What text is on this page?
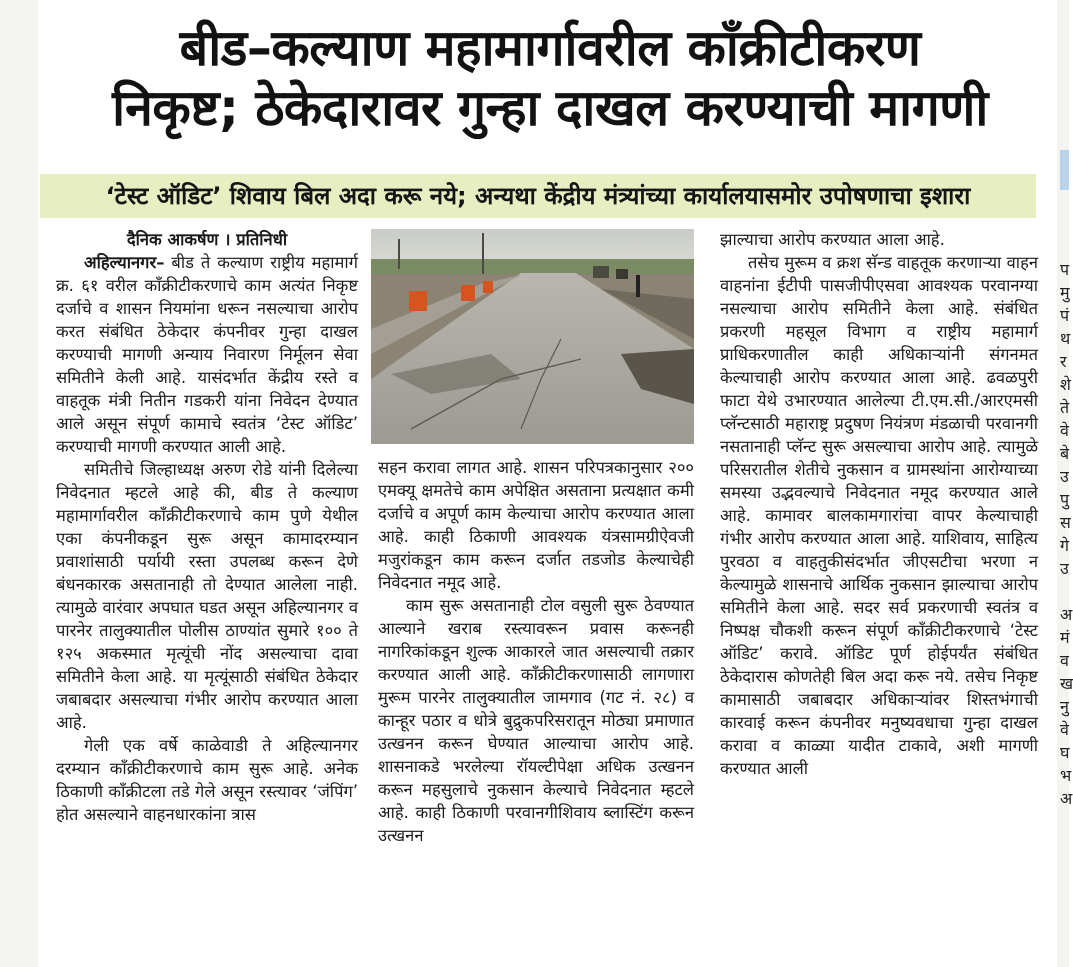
प
मु
पं
थ
र
शे
ते
वे
बे
उ
पु
स
गे
उ

अ
मं
व
ख
नु
वे
घ
भ
अ
बीड–कल्याण महामार्गावरील कॉंक्रीटीकरण
निकृष्ट; ठेकेदारावर गुन्हा दाखल करण्याची मागणी
‘टेस्ट ऑडिट’ शिवाय बिल अदा करू नये; अन्यथा केंद्रीय मंत्र्यांच्या कार्यालयासमोर उपोषणाचा इशारा

दैनिक आकर्षण । प्रतिनिधी

अहिल्यानगर– बीड ते कल्याण राष्ट्रीय महामार्ग क्र. ६१ वरील कॉंक्रीटीकरणाचे काम अत्यंत निकृष्ट दर्जाचे व शासन नियमांना धरून नसल्याचा आरोप करत संबंधित ठेकेदार कंपनीवर गुन्हा दाखल करण्याची मागणी अन्याय निवारण निर्मूलन सेवा समितीने केली आहे. यासंदर्भात केंद्रीय रस्ते व वाहतूक मंत्री नितीन गडकरी यांना निवेदन देण्यात आले असून संपूर्ण कामाचे स्वतंत्र ‘टेस्ट ऑडिट’ करण्याची मागणी करण्यात आली आहे.

समितीचे जिल्हाध्यक्ष अरुण रोडे यांनी दिलेल्या निवेदनात म्हटले आहे की, बीड ते कल्याण महामार्गावरील कॉंक्रीटीकरणाचे काम पुणे येथील एका कंपनीकडून सुरू असून कामादरम्यान प्रवाशांसाठी पर्यायी रस्ता उपलब्ध करून देणे बंधनकारक असतानाही तो देण्यात आलेला नाही. त्यामुळे वारंवार अपघात घडत असून अहिल्यानगर व पारनेर तालुक्यातील पोलीस ठाण्यांत सुमारे १०० ते १२५ अकस्मात मृत्यूंची नोंद असल्याचा दावा समितीने केला आहे. या मृत्यूंसाठी संबंधित ठेकेदार जबाबदार असल्याचा गंभीर आरोप करण्यात आला आहे.

गेली एक वर्षे काळेवाडी ते अहिल्यानगर दरम्यान कॉंक्रीटीकरणाचे काम सुरू आहे. अनेक ठिकाणी कॉंक्रीटला तडे गेले असून रस्त्यावर ‘जंपिंग’ होत असल्याने वाहनधारकांना त्रास

सहन करावा लागत आहे. शासन परिपत्रकानुसार २०० एमक्यू क्षमतेचे काम अपेक्षित असताना प्रत्यक्षात कमी दर्जाचे व अपूर्ण काम केल्याचा आरोप करण्यात आला आहे. काही ठिकाणी आवश्यक यंत्रसामग्रीऐवजी मजुरांकडून काम करून दर्जात तडजोड केल्याचेही निवेदनात नमूद आहे.

काम सुरू असतानाही टोल वसुली सुरू ठेवण्यात आल्याने खराब रस्त्यावरून प्रवास करूनही नागरिकांकडून शुल्क आकारले जात असल्याची तक्रार करण्यात आली आहे. कॉंक्रीटीकरणासाठी लागणारा मुरूम पारनेर तालुक्यातील जामगाव (गट नं. २८) व कान्हूर पठार व धोत्रे बुद्रुकपरिसरातून मोठ्या प्रमाणात उत्खनन करून घेण्यात आल्याचा आरोप आहे. शासनाकडे भरलेल्या रॉयल्टीपेक्षा अधिक उत्खनन करून महसुलाचे नुकसान केल्याचे निवेदनात म्हटले आहे. काही ठिकाणी परवानगीशिवाय ब्लास्टिंग करून उत्खनन

झाल्याचा आरोप करण्यात आला आहे.

तसेच मुरूम व क्रश सॅन्ड वाहतूक करणाऱ्या वाहन वाहनांना ईटीपी पासजीपीएसवा आवश्यक परवानग्या नसल्याचा आरोप समितीने केला आहे. संबंधित प्रकरणी महसूल विभाग व राष्ट्रीय महामार्ग प्राधिकरणातील काही अधिकाऱ्यांनी संगनमत केल्याचाही आरोप करण्यात आला आहे. ढवळपुरी फाटा येथे उभारण्यात आलेल्या टी.एम.सी./आरएमसी प्लॅन्टसाठी महाराष्ट्र प्रदुषण नियंत्रण मंडळाची परवानगी नसतानाही प्लॅन्ट सुरू असल्याचा आरोप आहे. त्यामुळे परिसरातील शेतीचे नुकसान व ग्रामस्थांना आरोग्याच्या समस्या उद्भवल्याचे निवेदनात नमूद करण्यात आले आहे. कामावर बालकामगारांचा वापर केल्याचाही गंभीर आरोप करण्यात आला आहे. याशिवाय, साहित्य पुरवठा व वाहतुकीसंदर्भात जीएसटीचा भरणा न केल्यामुळे शासनाचे आर्थिक नुकसान झाल्याचा आरोप समितीने केला आहे. सदर सर्व प्रकरणाची स्वतंत्र व निष्पक्ष चौकशी करून संपूर्ण कॉंक्रीटीकरणाचे ‘टेस्ट ऑडिट’ करावे. ऑडिट पूर्ण होईपर्यंत संबंधित ठेकेदारास कोणतेही बिल अदा करू नये. तसेच निकृष्ट कामासाठी जबाबदार अधिकाऱ्यांवर शिस्तभंगाची कारवाई करून कंपनीवर मनुष्यवधाचा गुन्हा दाखल करावा व काळ्या यादीत टाकावे, अशी मागणी करण्यात आली
